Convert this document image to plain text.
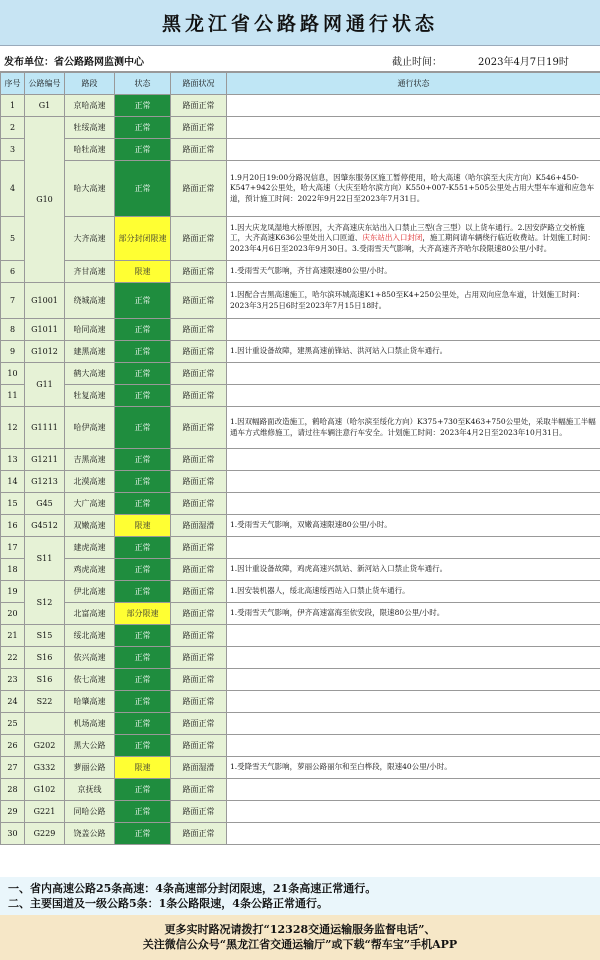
黑龙江省公路路网通行状态
发布单位：省公路路网监测中心	截止时间：	2023年4月7日19时
序号	公路编号	路段	状态	路面状况	通行状态
1	G1	京哈高速	正常	路面正常	
2	G10	牡绥高速	正常	路面正常	
3		哈牡高速	正常	路面正常	
4		哈大高速	正常	路面正常	1.9月20日19:00分路况信息，因肇东服务区施工暂停使用，哈大高速（哈尔滨至大庆方向）K546+450-K547+942公里处，哈大高速（大庆至哈尔滨方向）K550+007-K551+505公里处占用大型车车道和应急车道，预计施工时间：2022年9月22日至2023年7月31日。
5		大齐高速	部分封闭限速	路面正常	1.因大庆龙凤湿地大桥原因，大齐高速庆东站出入口禁止三型(含三型）以上货车通行。2.因安萨路立交桥施工，大齐高速K636公里处出入口匝道、庆东站出入口封闭，施工期间请车辆绕行临近收费站。计划施工时间：2023年4月6日至2023年9月30日。3.受雨雪天气影响，大齐高速齐齐哈尔段限速80公里/小时。
6		齐甘高速	限速	路面正常	1.受雨雪天气影响，齐甘高速限速80公里/小时。
7	G1001	绕城高速	正常	路面正常	1.因配合吉黑高速施工，哈尔滨环城高速K1+850至K4+250公里处，占用双向应急车道，计划施工时间：2023年3月25日6时至2023年7月15日18时。
8	G1011	哈同高速	正常	路面正常	
9	G1012	建黑高速	正常	路面正常	1.因计重设备故障，建黑高速前锋站、洪河站入口禁止货车通行。
10	G11	鹤大高速	正常	路面正常	
11		牡复高速	正常	路面正常	
12	G1111	哈伊高速	正常	路面正常	1.因双幅路面改造施工，鹤哈高速（哈尔滨至绥化方向）K375+730至K463+750公里处，采取半幅施工半幅通车方式维修施工，请过往车辆注意行车安全。计划施工时间：2023年4月2日至2023年10月31日。
13	G1211	吉黑高速	正常	路面正常	
14	G1213	北漠高速	正常	路面正常	
15	G45	大广高速	正常	路面正常	
16	G4512	双嫩高速	限速	路面湿滑	1.受雨雪天气影响，双嫩高速限速80公里/小时。
17	S11	建虎高速	正常	路面正常	
18		鸡虎高速	正常	路面正常	1.因计重设备故障，鸡虎高速兴凯站、新河站入口禁止货车通行。
19	S12	伊北高速	正常	路面正常	1.因安装机器人，绥北高速绥西站入口禁止货车通行。
20		北富高速	部分限速	路面正常	1.受雨雪天气影响，伊齐高速富海至依安段，限速80公里/小时。
21	S15	绥北高速	正常	路面正常	
22	S16	依兴高速	正常	路面正常	
23	S16	依七高速	正常	路面正常	
24	S22	哈肇高速	正常	路面正常	
25		机场高速	正常	路面正常	
26	G202	黑大公路	正常	路面正常	
27	G332	萝丽公路	限速	路面湿滑	1.受降雪天气影响，萝丽公路丽尔和至白桦段，限速40公里/小时。
28	G102	京抚线	正常	路面正常	
29	G221	同哈公路	正常	路面正常	
30	G229	饶盖公路	正常	路面正常	
一、省内高速公路25条高速：4条高速部分封闭限速，21条高速正常通行。
二、主要国道及一级公路5条：1条公路限速，4条公路正常通行。
更多实时路况请拨打“12328交通运输服务监督电话”、
关注微信公众号“黑龙江省交通运输厅”或下载“帮车宝”手机APP
